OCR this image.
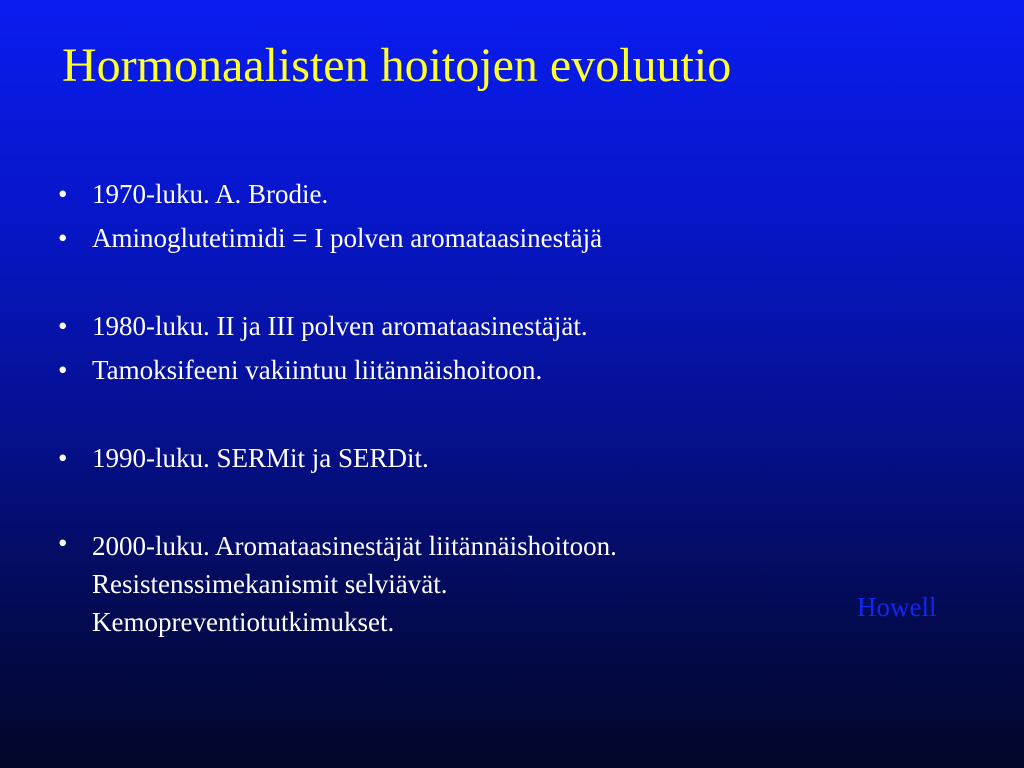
Hormonaalisten hoitojen evoluutio
• 1970-luku. A. Brodie.
• Aminoglutetimidi = I polven aromataasinestäjä
• 1980-luku. II ja III polven aromataasinestäjät.
• Tamoksifeeni vakiintuu liitännäishoitoon.
• 1990-luku. SERMit ja SERDit.
• 2000-luku. Aromataasinestäjät liitännäishoitoon. Resistenssimekanismit selviävät. Kemopreventiotutkimukset.	Howell
